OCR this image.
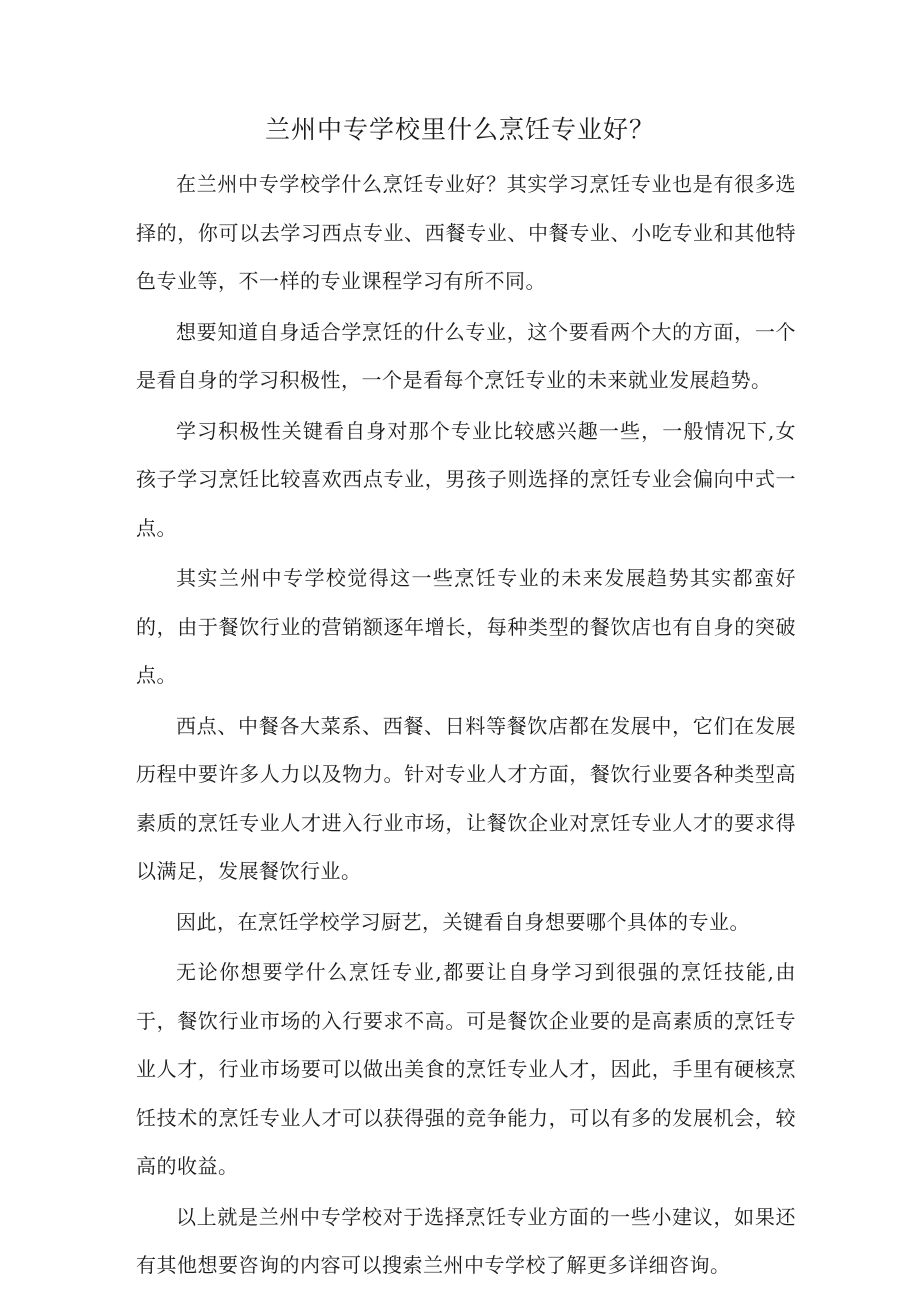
兰州中专学校里什么烹饪专业好？

在兰州中专学校学什么烹饪专业好？其实学习烹饪专业也是有很多选择的，你可以去学习西点专业、西餐专业、中餐专业、小吃专业和其他特色专业等，不一样的专业课程学习有所不同。

想要知道自身适合学烹饪的什么专业，这个要看两个大的方面，一个是看自身的学习积极性，一个是看每个烹饪专业的未来就业发展趋势。

学习积极性关键看自身对那个专业比较感兴趣一些，一般情况下,女孩子学习烹饪比较喜欢西点专业，男孩子则选择的烹饪专业会偏向中式一点。

其实兰州中专学校觉得这一些烹饪专业的未来发展趋势其实都蛮好的，由于餐饮行业的营销额逐年增长，每种类型的餐饮店也有自身的突破点。

西点、中餐各大菜系、西餐、日料等餐饮店都在发展中，它们在发展历程中要许多人力以及物力。针对专业人才方面，餐饮行业要各种类型高素质的烹饪专业人才进入行业市场，让餐饮企业对烹饪专业人才的要求得以满足，发展餐饮行业。

因此，在烹饪学校学习厨艺，关键看自身想要哪个具体的专业。

无论你想要学什么烹饪专业,都要让自身学习到很强的烹饪技能,由于，餐饮行业市场的入行要求不高。可是餐饮企业要的是高素质的烹饪专业人才，行业市场要可以做出美食的烹饪专业人才，因此，手里有硬核烹饪技术的烹饪专业人才可以获得强的竞争能力，可以有多的发展机会，较高的收益。

以上就是兰州中专学校对于选择烹饪专业方面的一些小建议，如果还有其他想要咨询的内容可以搜索兰州中专学校了解更多详细咨询。
